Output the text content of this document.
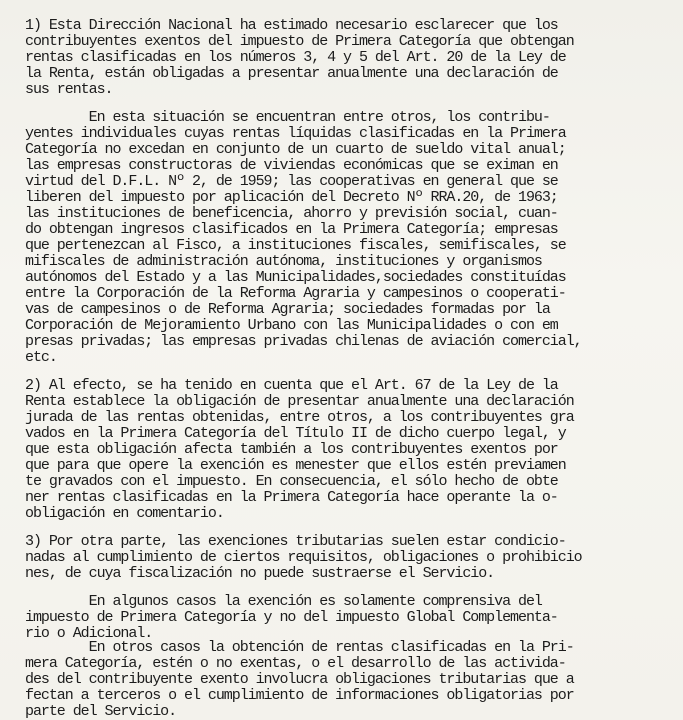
1) Esta Dirección Nacional ha estimado necesario esclarecer que los
contribuyentes exentos del impuesto de Primera Categoría que obtengan
rentas clasificadas en los números 3, 4 y 5 del Art. 20 de la Ley de
la Renta, están obligadas a presentar anualmente una declaración de
sus rentas.
En esta situación se encuentran entre otros, los contribu-
yentes individuales cuyas rentas líquidas clasificadas en la Primera
Categoría no excedan en conjunto de un cuarto de sueldo vital anual;
las empresas constructoras de viviendas económicas que se eximan en
virtud del D.F.L. Nº 2, de 1959; las cooperativas en general que se
liberen del impuesto por aplicación del Decreto Nº RRA.20, de 1963;
las instituciones de beneficencia, ahorro y previsión social, cuan-
do obtengan ingresos clasificados en la Primera Categoría; empresas
que pertenezcan al Fisco, a instituciones fiscales, semifiscales, se
mifiscales de administración autónoma, instituciones y organismos
autónomos del Estado y a las Municipalidades,sociedades constituídas
entre la Corporación de la Reforma Agraria y campesinos o cooperati-
vas de campesinos o de Reforma Agraria; sociedades formadas por la
Corporación de Mejoramiento Urbano con las Municipalidades o con em
presas privadas; las empresas privadas chilenas de aviación comercial,
etc.
2) Al efecto, se ha tenido en cuenta que el Art. 67 de la Ley de la
Renta establece la obligación de presentar anualmente una declaración
jurada de las rentas obtenidas, entre otros, a los contribuyentes gra
vados en la Primera Categoría del Título II de dicho cuerpo legal, y
que esta obligación afecta también a los contribuyentes exentos por
que para que opere la exención es menester que ellos estén previamen
te gravados con el impuesto. En consecuencia, el sólo hecho de obte
ner rentas clasificadas en la Primera Categoría hace operante la o-
obligación en comentario.
3) Por otra parte, las exenciones tributarias suelen estar condicio-
nadas al cumplimiento de ciertos requisitos, obligaciones o prohibicio
nes, de cuya fiscalización no puede sustraerse el Servicio.
En algunos casos la exención es solamente comprensiva del
impuesto de Primera Categoría y no del impuesto Global Complementa-
rio o Adicional.
En otros casos la obtención de rentas clasificadas en la Pri-
mera Categoría, estén o no exentas, o el desarrollo de las activida-
des del contribuyente exento involucra obligaciones tributarias que a
fectan a terceros o el cumplimiento de informaciones obligatorias por
parte del Servicio.
